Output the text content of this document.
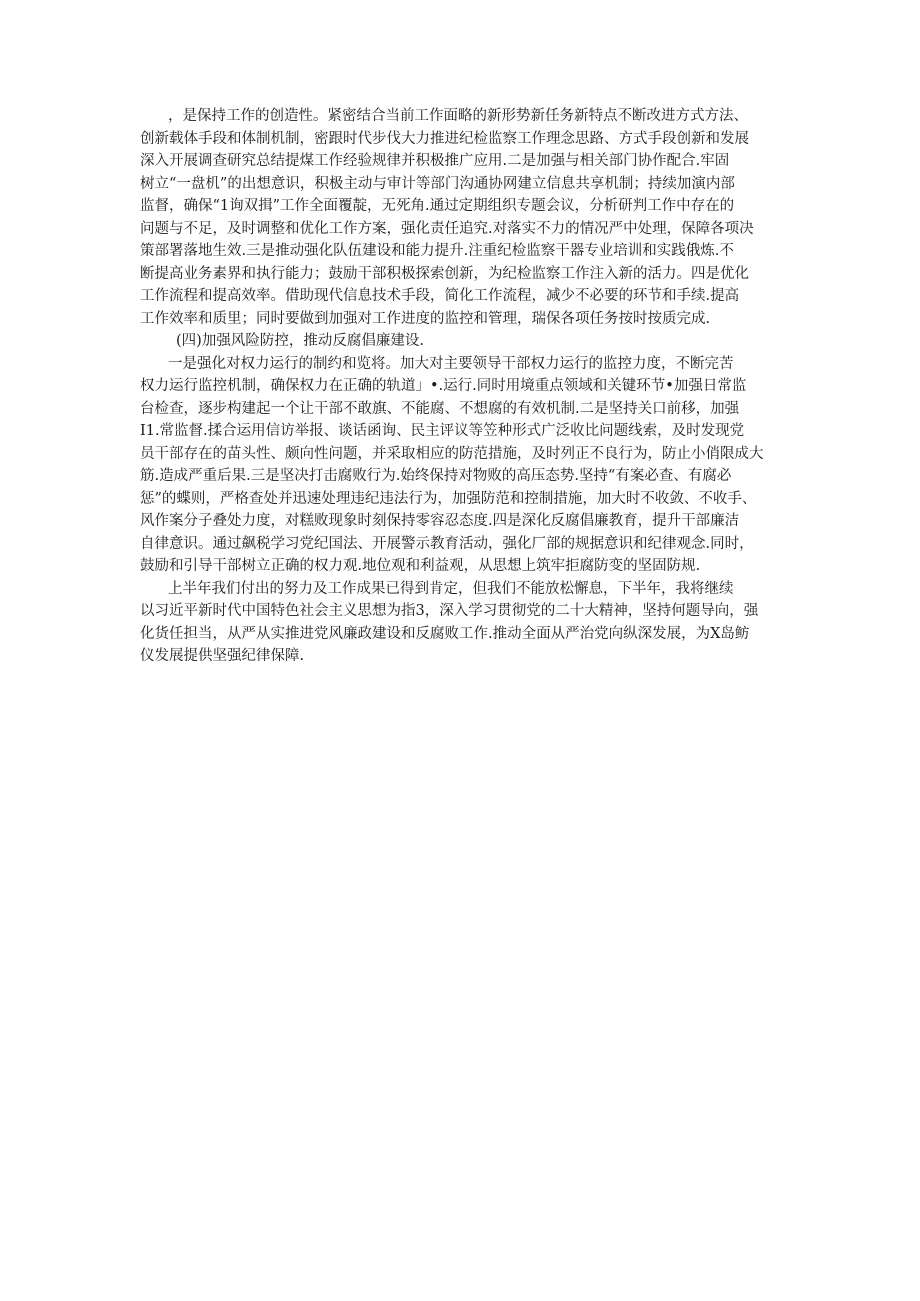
，是保持工作的创造性。紧密结合当前工作面略的新形势新任务新特点不断改进方式方法、
创新载体手段和体制机制，密跟时代步伐大力推进纪检监察工作理念思路、方式手段创新和发展
深入开展调查研究总结提煤工作经验规律并积极推广应用.二是加强与相关部门协作配合.牢固
树立“一盘机”的出想意识，积极主动与审计等部门沟通协网建立信息共享机制；持续加演内部
监督，确保“1询双揖”工作全面覆靛，无死角.通过定期组织专题会议，分析研判工作中存在的
问题与不足，及时调整和优化工作方案，强化责任追究.对落实不力的情况严中处理，保障各项决
策部署落地生效.三是推动强化队伍建设和能力提升.注重纪检监察干器专业培训和实践俄炼.不
断提高业务素界和执行能力；鼓励干部积极探索创新，为纪检监察工作注入新的活力。四是优化
工作流程和提高效率。借助现代信息技术手段，简化工作流程，减少不必要的环节和手续.提高
工作效率和质里；同时要做到加强对工作进度的监控和管理，瑞保各项任务按时按质完成.
(四)加强风险防控，推动反腐倡廉建设.
一是强化对权力运行的制约和览将。加大对主要领导干部权力运行的监控力度，不断完苦
权力运行监控机制，确保权力在正确的轨道」•.运行.同时用境重点领域和关键环节•加强日常监
台检查，逐步构建起一个让干部不敢旗、不能腐、不想腐的有效机制.二是坚持关口前移，加强
I1.常监督.揉合运用信访举报、谈话函询、民主评议等笠种形式广泛收比问题线索，及时发现党
员干部存在的苗头性、颇向性问题，并采取相应的防范措施，及时列正不良行为，防止小俏限成大
筋.造成严重后果.三是坚决打击腐败行为.始终保持对物败的高压态势.坚持“有案必查、有腐必
惩”的蝶则，严格查处并迅速处理违纪违法行为，加强防范和控制措施，加大时不收敛、不收手、
风作案分子叠处力度，对糕败现象时刻保持零容忍态度.四是深化反腐倡廉教育，提升干部廉洁
自律意识。通过飙税学习党纪国法、开展警示教育活动，强化厂部的规据意识和纪律观念.同时，
鼓励和引导干部树立正确的权力观.地位观和利益观，从思想上筑牢拒腐防变的坚固防规.
上半年我们付出的努力及工作成果已得到肯定，但我们不能放松懈息，下半年，我将继续
以习近平新时代中国特色社会主义思想为指3，深入学习贯彻党的二十大精神，坚持何题导向，强
化货任担当，从严从实推进党风廉政建设和反腐败工作.推动全面从严治党向纵深发展，为X岛鲂
仪发展提供坚强纪律保障.
